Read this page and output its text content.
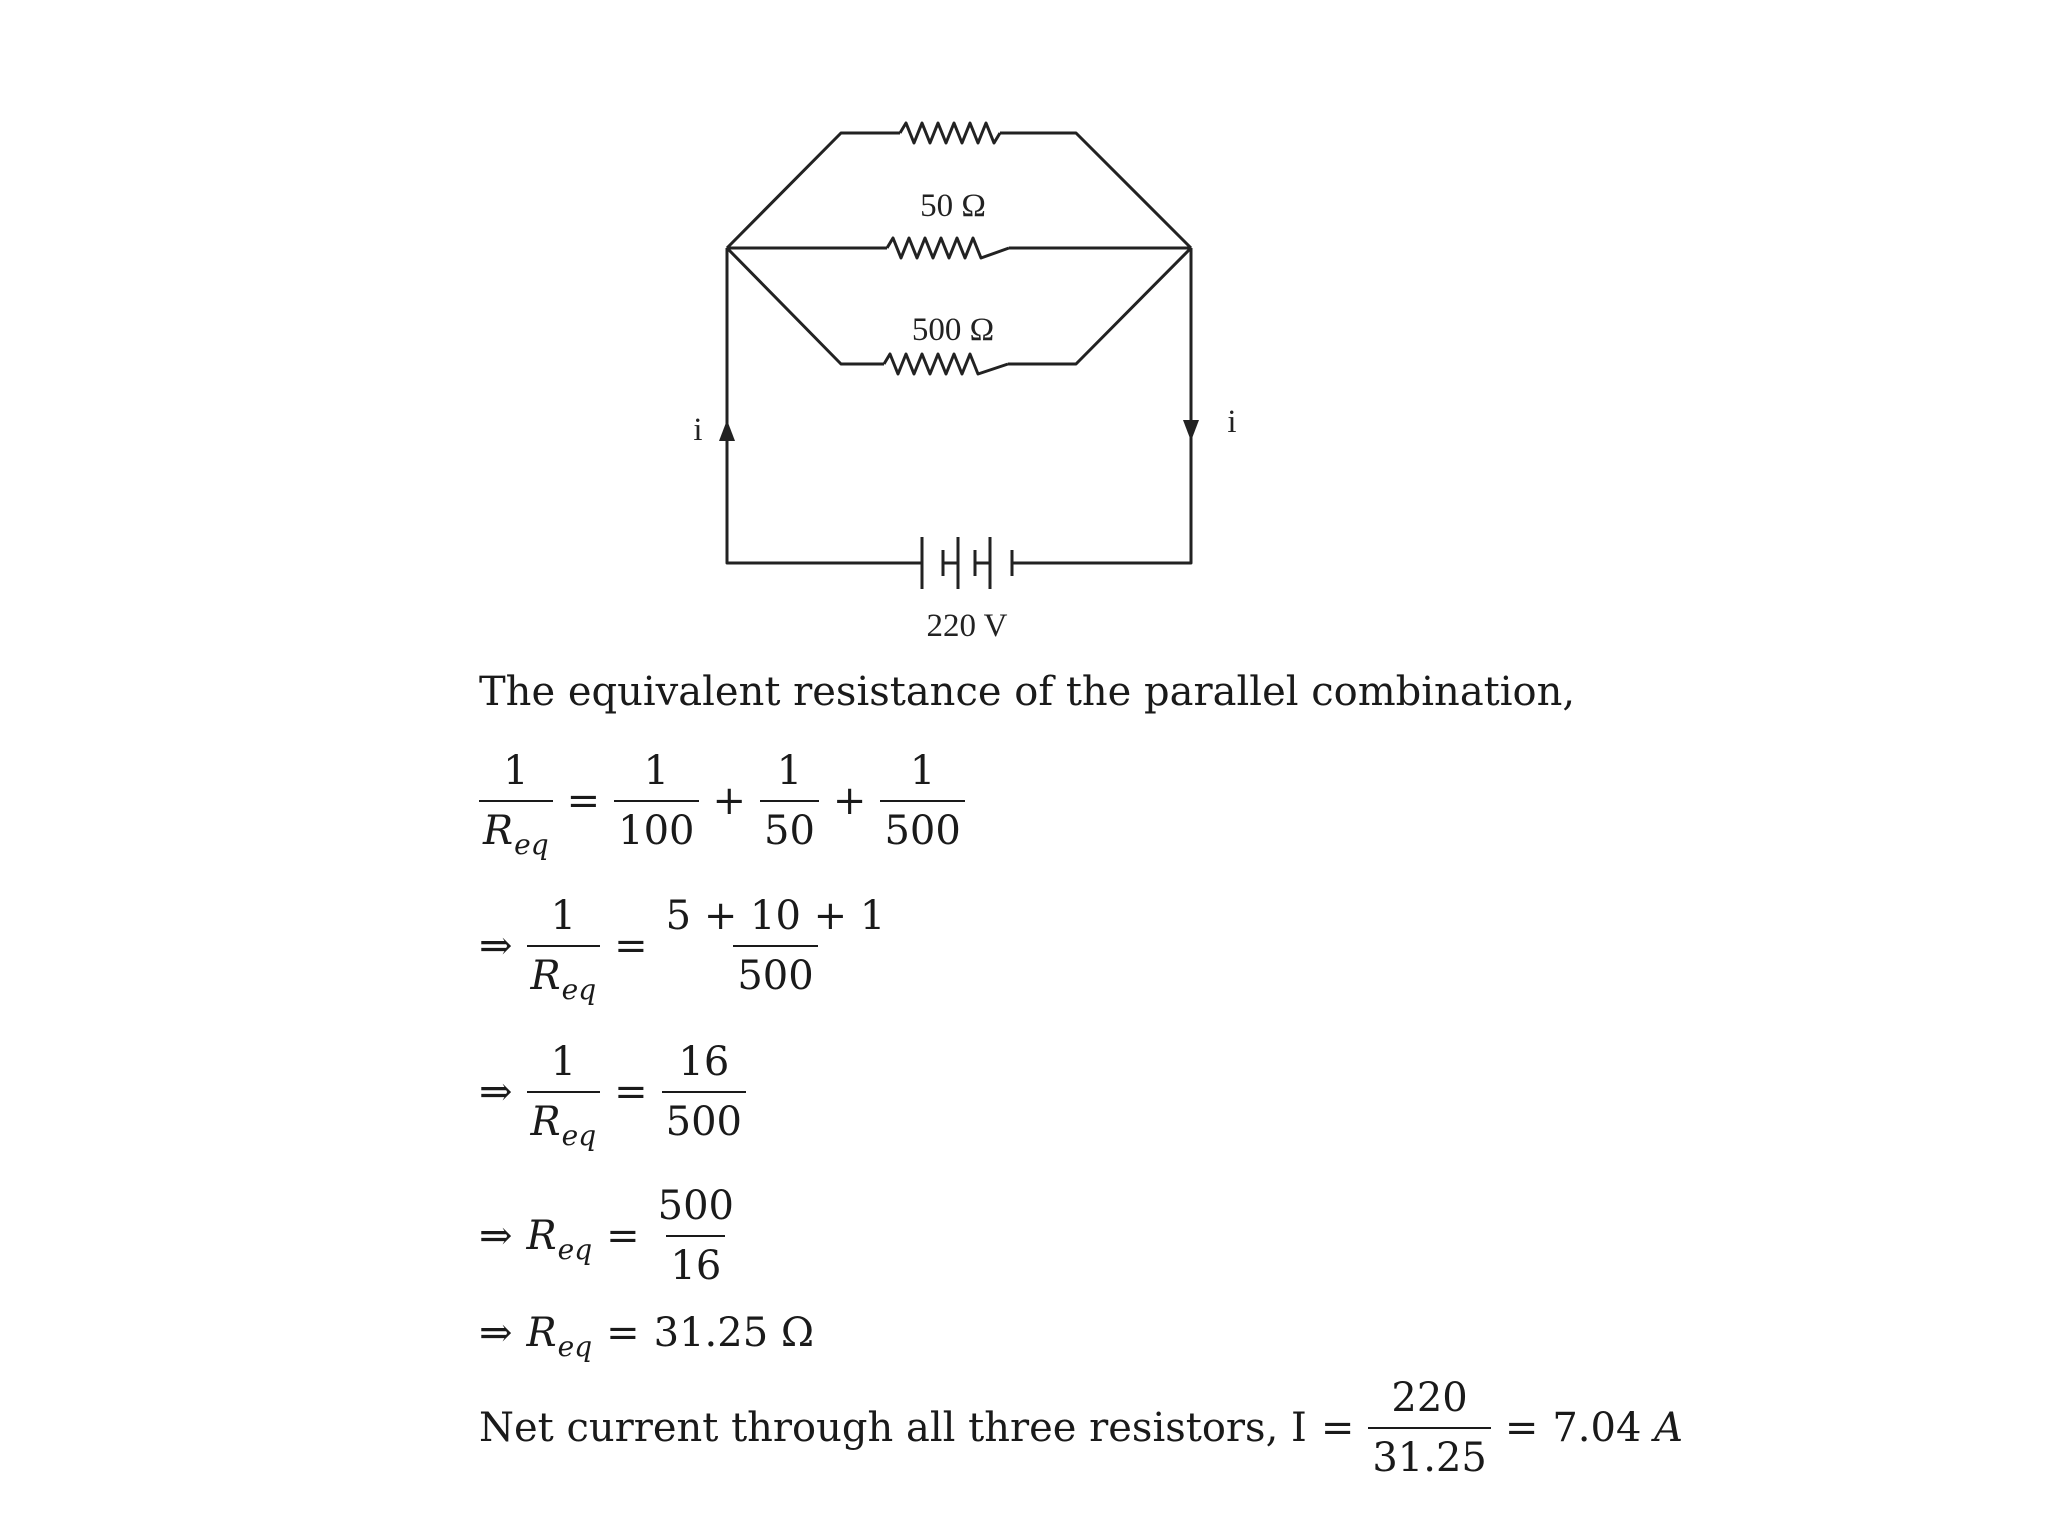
50 Ω
500 Ω
220 V
i	i
The equivalent resistance of the parallel combination,
$\frac{1}{R_{eq}} = \frac{1}{100} + \frac{1}{50} + \frac{1}{500}$
⇒ $\frac{1}{R_{eq}} = \frac{5 + 10 + 1}{500}$
⇒ $\frac{1}{R_{eq}} = \frac{16}{500}$
⇒ $R_{eq} = \frac{500}{16}$
⇒ $R_{eq} = 31.25$ Ω
Net current through all three resistors, $I = \frac{220}{31.25} = 7.04$ A
